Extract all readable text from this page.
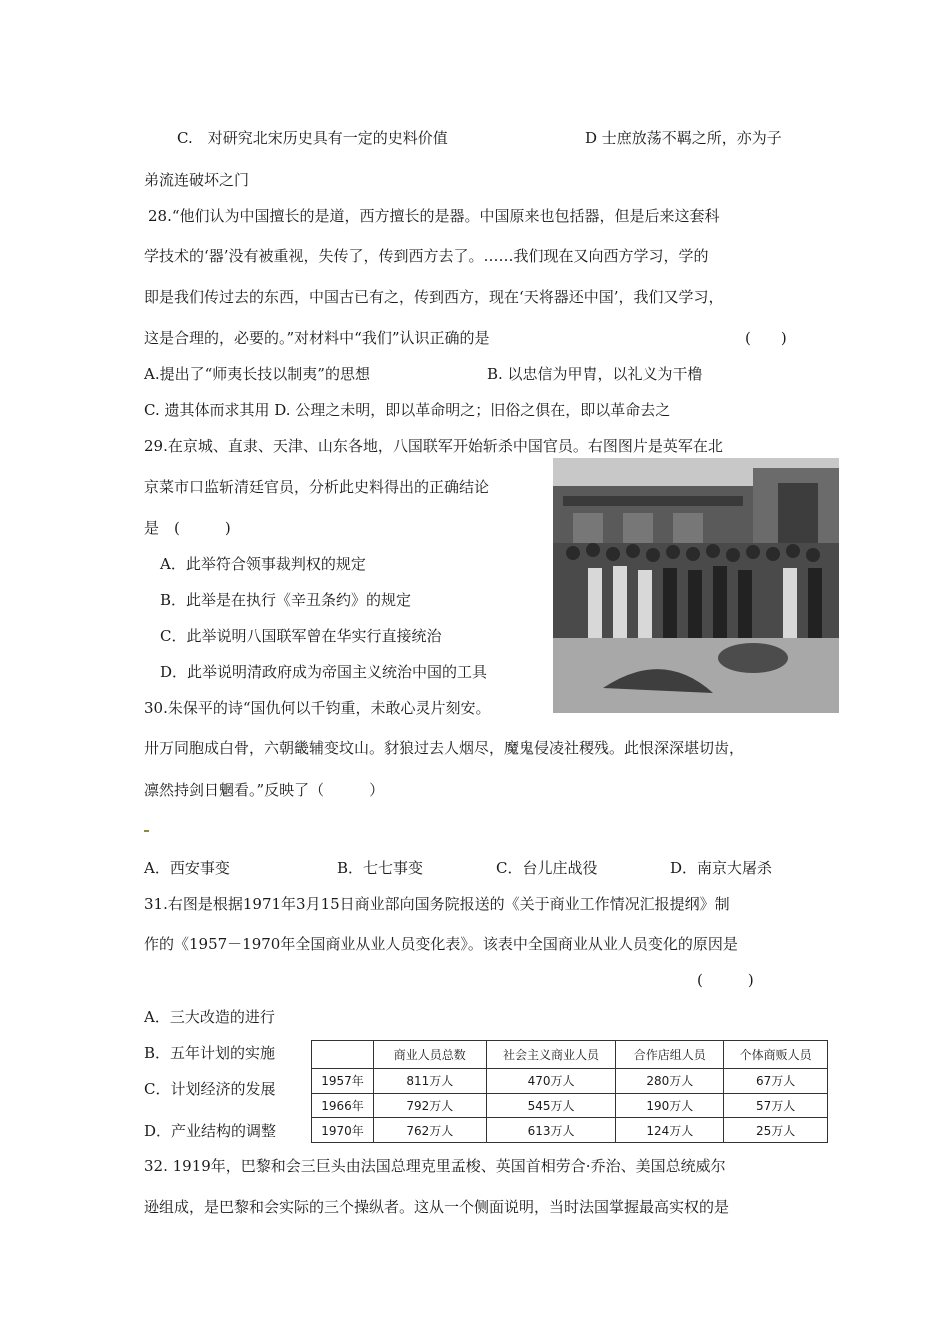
C.　对研究北宋历史具有一定的史料价值	D 士庶放荡不羁之所，亦为子
弟流连破坏之门
28.“他们认为中国擅长的是道，西方擅长的是器。中国原来也包括器，但是后来这套科
学技术的‘器’没有被重视，失传了，传到西方去了。……我们现在又向西方学习，学的
即是我们传过去的东西，中国古已有之，传到西方，现在‘天将器还中国’，我们又学习，
这是合理的，必要的。”对材料中“我们”认识正确的是	(　　)
A.提出了“师夷长技以制夷”的思想	B. 以忠信为甲胄，以礼义为干橹
C. 遗其体而求其用 D. 公理之未明，即以革命明之；旧俗之俱在，即以革命去之
29.在京城、直隶、天津、山东各地，八国联军开始斩杀中国官员。右图图片是英军在北
京菜市口监斩清廷官员，分析此史料得出的正确结论
是　(　　　)
A．此举符合领事裁判权的规定
B．此举是在执行《辛丑条约》的规定
C．此举说明八国联军曾在华实行直接统治
D．此举说明清政府成为帝国主义统治中国的工具
30.朱保平的诗“国仇何以千钧重，未敢心灵片刻安。
卅万同胞成白骨，六朝畿辅变坟山。豺狼过去人烟尽，魔鬼侵凌社稷残。此恨深深堪切齿，
凛然持剑日魍看。”反映了（　　　）
A．西安事变	B．七七事变	C．台儿庄战役	D．南京大屠杀
31.右图是根据1971年3月15日商业部向国务院报送的《关于商业工作情况汇报提纲》制
作的《1957－1970年全国商业从业人员变化表》。该表中全国商业从业人员变化的原因是
(　　　)
A．三大改造的进行
B．五年计划的实施
C．计划经济的发展
D．产业结构的调整
	商业人员总数	社会主义商业人员	合作店组人员	个体商贩人员
1957年	811万人	470万人	280万人	67万人
1966年	792万人	545万人	190万人	57万人
1970年	762万人	613万人	124万人	25万人
32. 1919年，巴黎和会三巨头由法国总理克里孟梭、英国首相劳合·乔治、美国总统威尔
逊组成，是巴黎和会实际的三个操纵者。这从一个侧面说明，当时法国掌握最高实权的是
